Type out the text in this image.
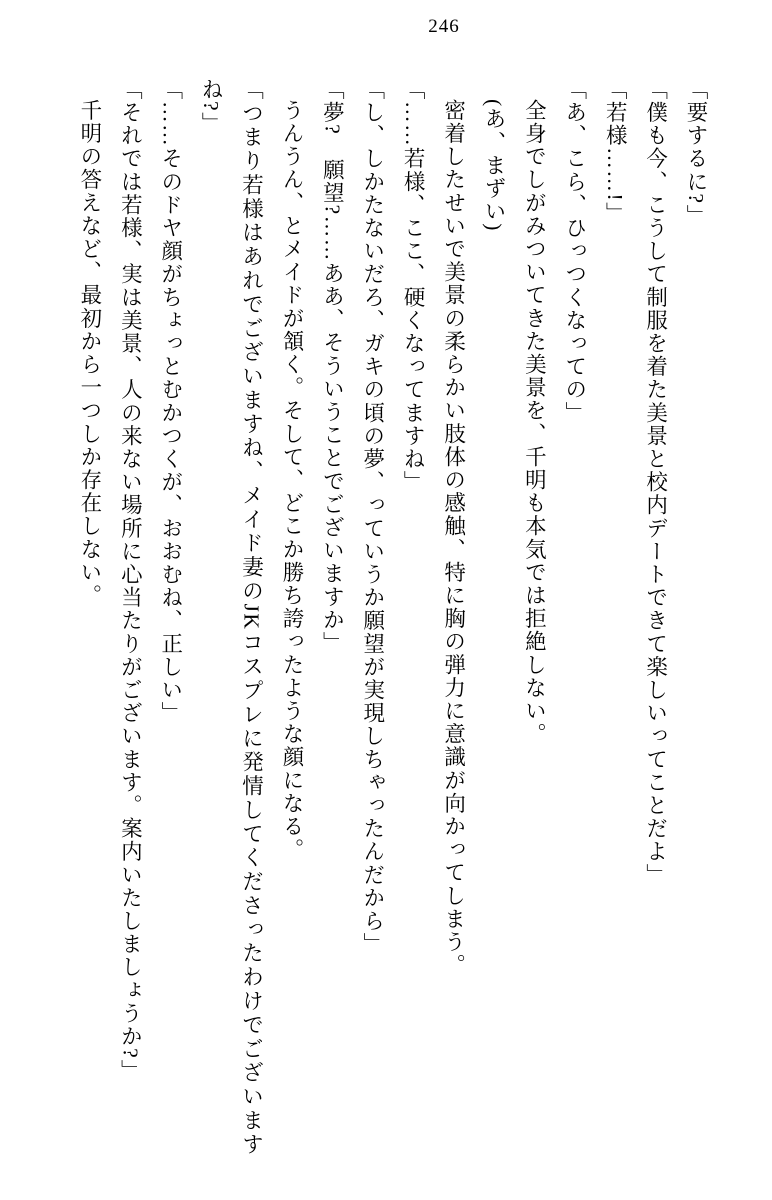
246

「要するに?」

「僕も今、こうして制服を着た美景と校内デートできて楽しいってことだよ」

「若様……!」

「あ、こら、ひっつくなっての」

全身でしがみついてきた美景を、千明も本気では拒絶しない。

(あ、まずい)

密着したせいで美景の柔らかい肢体の感触、特に胸の弾力に意識が向かってしまう。

「……若様、ここ、硬くなってますね」

「し、しかたないだろ、ガキの頃の夢、っていうか願望が実現しちゃったんだから」

「夢?　願望?……ああ、そういうことでございますか」

うんうん、とメイドが頷く。そして、どこか勝ち誇ったような顔になる。

「つまり若様はあれでございますね、メイド妻のJKコスプレに発情してくださったわけでございますね?」

「……そのドヤ顔がちょっとむかつくが、おおむね、正しい」

「それでは若様、実は美景、人の来ない場所に心当たりがございます。案内いたしましょうか?」

千明の答えなど、最初から一つしか存在しない。
